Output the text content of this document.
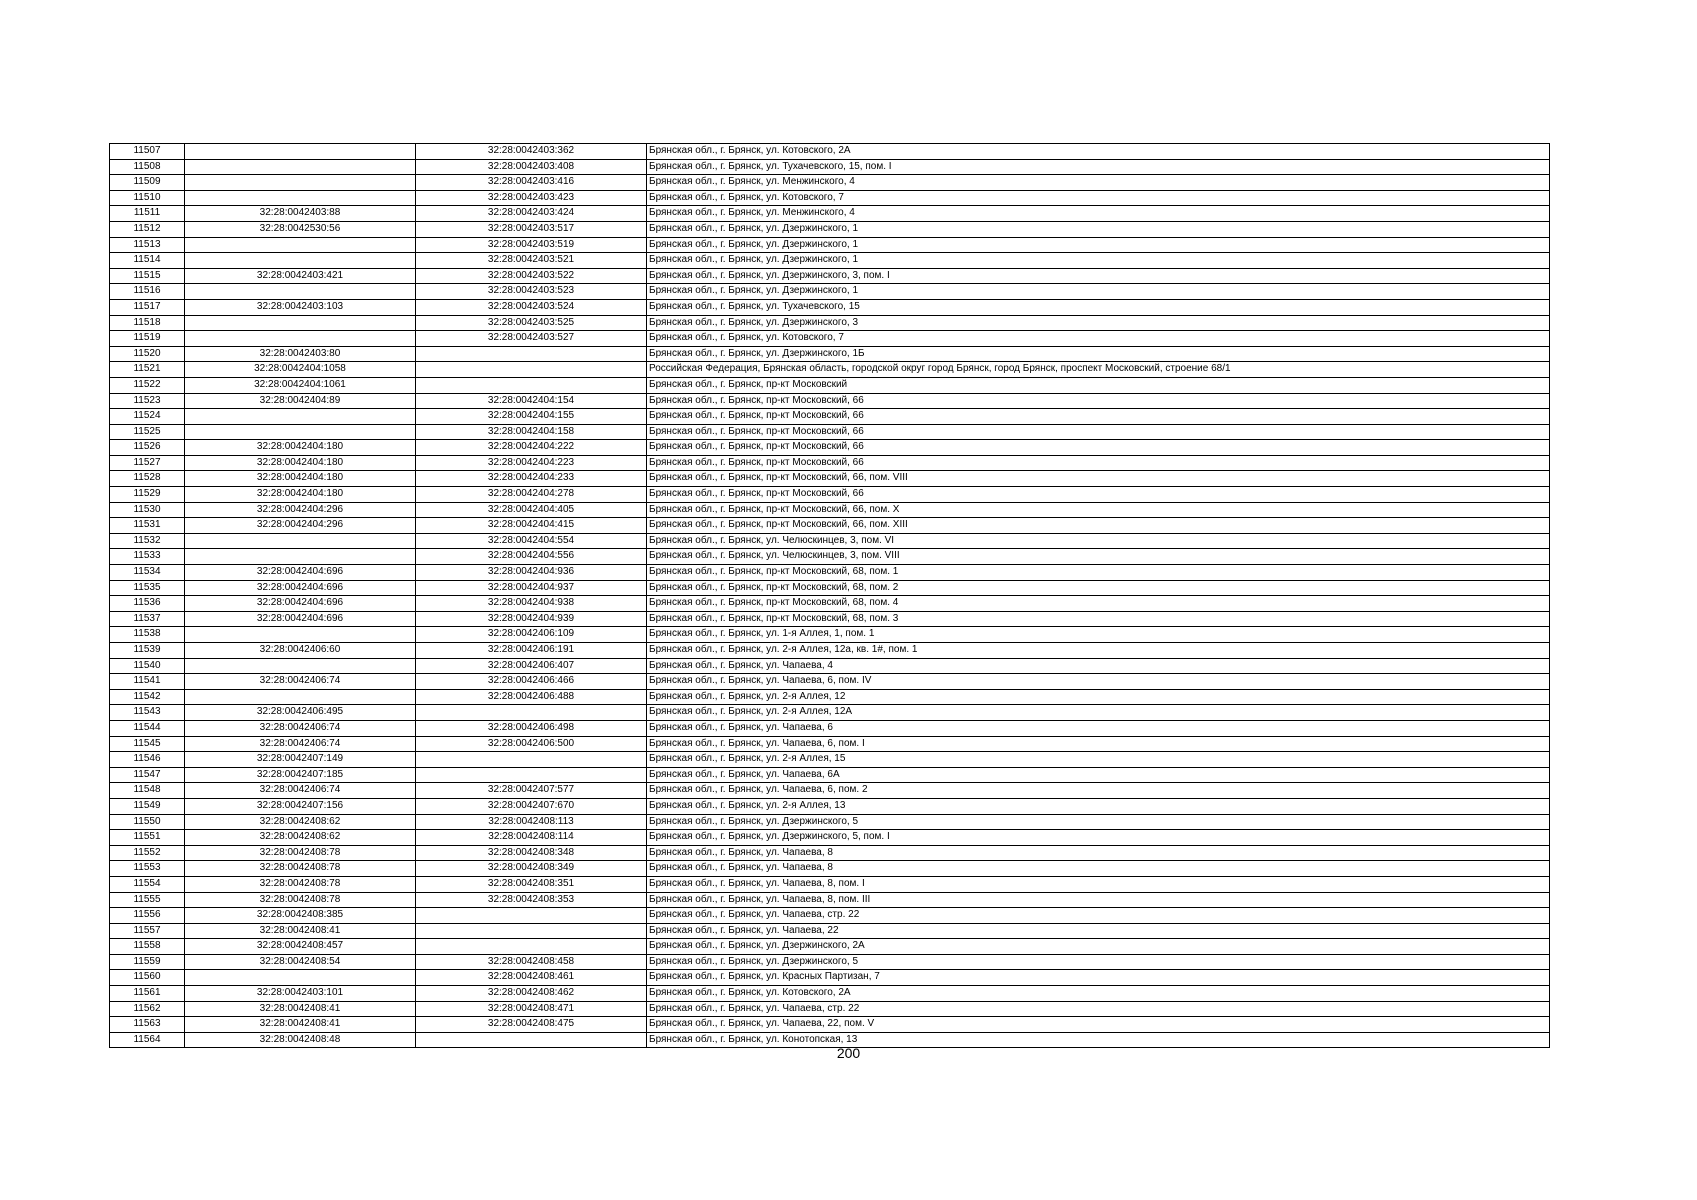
11507		32:28:0042403:362	Брянская обл., г. Брянск, ул. Котовского, 2А
11508		32:28:0042403:408	Брянская обл., г. Брянск, ул. Тухачевского, 15, пом. I
11509		32:28:0042403:416	Брянская обл., г. Брянск, ул. Менжинского, 4
11510		32:28:0042403:423	Брянская обл., г. Брянск, ул. Котовского, 7
11511	32:28:0042403:88	32:28:0042403:424	Брянская обл., г. Брянск, ул. Менжинского, 4
11512	32:28:0042530:56	32:28:0042403:517	Брянская обл., г. Брянск, ул. Дзержинского, 1
11513		32:28:0042403:519	Брянская обл., г. Брянск, ул. Дзержинского, 1
11514		32:28:0042403:521	Брянская обл., г. Брянск, ул. Дзержинского, 1
11515	32:28:0042403:421	32:28:0042403:522	Брянская обл., г. Брянск, ул. Дзержинского, 3, пом. I
11516		32:28:0042403:523	Брянская обл., г. Брянск, ул. Дзержинского, 1
11517	32:28:0042403:103	32:28:0042403:524	Брянская обл., г. Брянск, ул. Тухачевского, 15
11518		32:28:0042403:525	Брянская обл., г. Брянск, ул. Дзержинского, 3
11519		32:28:0042403:527	Брянская обл., г. Брянск, ул. Котовского, 7
11520	32:28:0042403:80		Брянская обл., г. Брянск, ул. Дзержинского, 1Б
11521	32:28:0042404:1058		Российская Федерация, Брянская область, городской округ город Брянск, город Брянск, проспект Московский, строение 68/1
11522	32:28:0042404:1061		Брянская обл., г. Брянск, пр-кт Московский
11523	32:28:0042404:89	32:28:0042404:154	Брянская обл., г. Брянск, пр-кт Московский, 66
11524		32:28:0042404:155	Брянская обл., г. Брянск, пр-кт Московский, 66
11525		32:28:0042404:158	Брянская обл., г. Брянск, пр-кт Московский, 66
11526	32:28:0042404:180	32:28:0042404:222	Брянская обл., г. Брянск, пр-кт Московский, 66
11527	32:28:0042404:180	32:28:0042404:223	Брянская обл., г. Брянск, пр-кт Московский, 66
11528	32:28:0042404:180	32:28:0042404:233	Брянская обл., г. Брянск, пр-кт Московский, 66, пом. VIII
11529	32:28:0042404:180	32:28:0042404:278	Брянская обл., г. Брянск, пр-кт Московский, 66
11530	32:28:0042404:296	32:28:0042404:405	Брянская обл., г. Брянск, пр-кт Московский, 66, пом. X
11531	32:28:0042404:296	32:28:0042404:415	Брянская обл., г. Брянск, пр-кт Московский, 66, пом. XIII
11532		32:28:0042404:554	Брянская обл., г. Брянск, ул. Челюскинцев, 3, пом. VI
11533		32:28:0042404:556	Брянская обл., г. Брянск, ул. Челюскинцев, 3, пом. VIII
11534	32:28:0042404:696	32:28:0042404:936	Брянская обл., г. Брянск, пр-кт Московский, 68, пом. 1
11535	32:28:0042404:696	32:28:0042404:937	Брянская обл., г. Брянск, пр-кт Московский, 68, пом. 2
11536	32:28:0042404:696	32:28:0042404:938	Брянская обл., г. Брянск, пр-кт Московский, 68, пом. 4
11537	32:28:0042404:696	32:28:0042404:939	Брянская обл., г. Брянск, пр-кт Московский, 68, пом. 3
11538		32:28:0042406:109	Брянская обл., г. Брянск, ул. 1-я Аллея, 1, пом. 1
11539	32:28:0042406:60	32:28:0042406:191	Брянская обл., г. Брянск, ул. 2-я Аллея, 12а, кв. 1#, пом. 1
11540		32:28:0042406:407	Брянская обл., г. Брянск, ул. Чапаева, 4
11541	32:28:0042406:74	32:28:0042406:466	Брянская обл., г. Брянск, ул. Чапаева, 6, пом. IV
11542		32:28:0042406:488	Брянская обл., г. Брянск, ул. 2-я Аллея, 12
11543	32:28:0042406:495		Брянская обл., г. Брянск, ул. 2-я Аллея, 12А
11544	32:28:0042406:74	32:28:0042406:498	Брянская обл., г. Брянск, ул. Чапаева, 6
11545	32:28:0042406:74	32:28:0042406:500	Брянская обл., г. Брянск, ул. Чапаева, 6, пом. I
11546	32:28:0042407:149		Брянская обл., г. Брянск, ул. 2-я Аллея, 15
11547	32:28:0042407:185		Брянская обл., г. Брянск, ул. Чапаева, 6А
11548	32:28:0042406:74	32:28:0042407:577	Брянская обл., г. Брянск, ул. Чапаева, 6, пом. 2
11549	32:28:0042407:156	32:28:0042407:670	Брянская обл., г. Брянск, ул. 2-я Аллея, 13
11550	32:28:0042408:62	32:28:0042408:113	Брянская обл., г. Брянск, ул. Дзержинского, 5
11551	32:28:0042408:62	32:28:0042408:114	Брянская обл., г. Брянск, ул. Дзержинского, 5, пом. I
11552	32:28:0042408:78	32:28:0042408:348	Брянская обл., г. Брянск, ул. Чапаева, 8
11553	32:28:0042408:78	32:28:0042408:349	Брянская обл., г. Брянск, ул. Чапаева, 8
11554	32:28:0042408:78	32:28:0042408:351	Брянская обл., г. Брянск, ул. Чапаева, 8, пом. I
11555	32:28:0042408:78	32:28:0042408:353	Брянская обл., г. Брянск, ул. Чапаева, 8, пом. III
11556	32:28:0042408:385		Брянская обл., г. Брянск, ул. Чапаева, стр. 22
11557	32:28:0042408:41		Брянская обл., г. Брянск, ул. Чапаева, 22
11558	32:28:0042408:457		Брянская обл., г. Брянск, ул. Дзержинского, 2А
11559	32:28:0042408:54	32:28:0042408:458	Брянская обл., г. Брянск, ул. Дзержинского, 5
11560		32:28:0042408:461	Брянская обл., г. Брянск, ул. Красных Партизан, 7
11561	32:28:0042403:101	32:28:0042408:462	Брянская обл., г. Брянск, ул. Котовского, 2А
11562	32:28:0042408:41	32:28:0042408:471	Брянская обл., г. Брянск, ул. Чапаева, стр. 22
11563	32:28:0042408:41	32:28:0042408:475	Брянская обл., г. Брянск, ул. Чапаева, 22, пом. V
11564	32:28:0042408:48		Брянская обл., г. Брянск, ул. Конотопская, 13
200
